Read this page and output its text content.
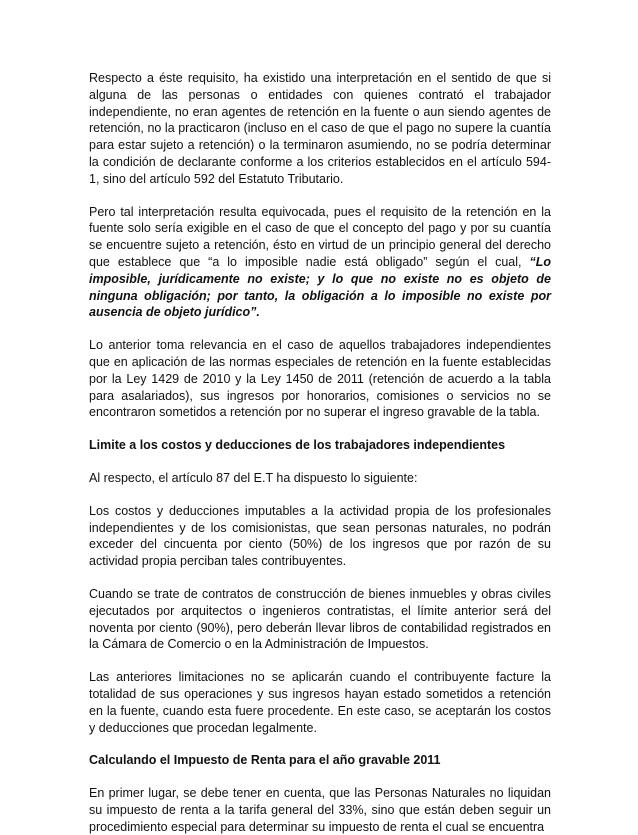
Respecto a éste requisito, ha existido una interpretación en el sentido de que si alguna de las personas o entidades con quienes contrató el trabajador independiente, no eran agentes de retención en la fuente o aun siendo agentes de retención, no la practicaron (incluso en el caso de que el pago no supere la cuantía para estar sujeto a retención) o la terminaron asumiendo, no se podría determinar la condición de declarante conforme a los criterios establecidos en el artículo 594-1, sino del artículo 592 del Estatuto Tributario.

Pero tal interpretación resulta equivocada, pues el requisito de la retención en la fuente solo sería exigible en el caso de que el concepto del pago y por su cuantía se encuentre sujeto a retención, ésto en virtud de un principio general del derecho que establece que “a lo imposible nadie está obligado” según el cual, “Lo imposible, jurídicamente no existe; y lo que no existe no es objeto de ninguna obligación; por tanto, la obligación a lo imposible no existe por ausencia de objeto jurídico”.

Lo anterior toma relevancia en el caso de aquellos trabajadores independientes que en aplicación de las normas especiales de retención en la fuente establecidas por la Ley 1429 de 2010 y la Ley 1450 de 2011 (retención de acuerdo a la tabla para asalariados), sus ingresos por honorarios, comisiones o servicios no se encontraron sometidos a retención por no superar el ingreso gravable de la tabla.

Limite a los costos y deducciones de los trabajadores independientes

Al respecto, el artículo 87 del E.T ha dispuesto lo siguiente:

Los costos y deducciones imputables a la actividad propia de los profesionales independientes y de los comisionistas, que sean personas naturales, no podrán exceder del cincuenta por ciento (50%) de los ingresos que por razón de su actividad propia perciban tales contribuyentes.

Cuando se trate de contratos de construcción de bienes inmuebles y obras civiles ejecutados por arquitectos o ingenieros contratistas, el límite anterior será del noventa por ciento (90%), pero deberán llevar libros de contabilidad registrados en la Cámara de Comercio o en la Administración de Impuestos.

Las anteriores limitaciones no se aplicarán cuando el contribuyente facture la totalidad de sus operaciones y sus ingresos hayan estado sometidos a retención en la fuente, cuando esta fuere procedente. En este caso, se aceptarán los costos y deducciones que procedan legalmente.

Calculando el Impuesto de Renta para el año gravable 2011

En primer lugar, se debe tener en cuenta, que las Personas Naturales no liquidan su impuesto de renta a la tarifa general del 33%, sino que están deben seguir un procedimiento especial para determinar su impuesto de renta el cual se encuentra
